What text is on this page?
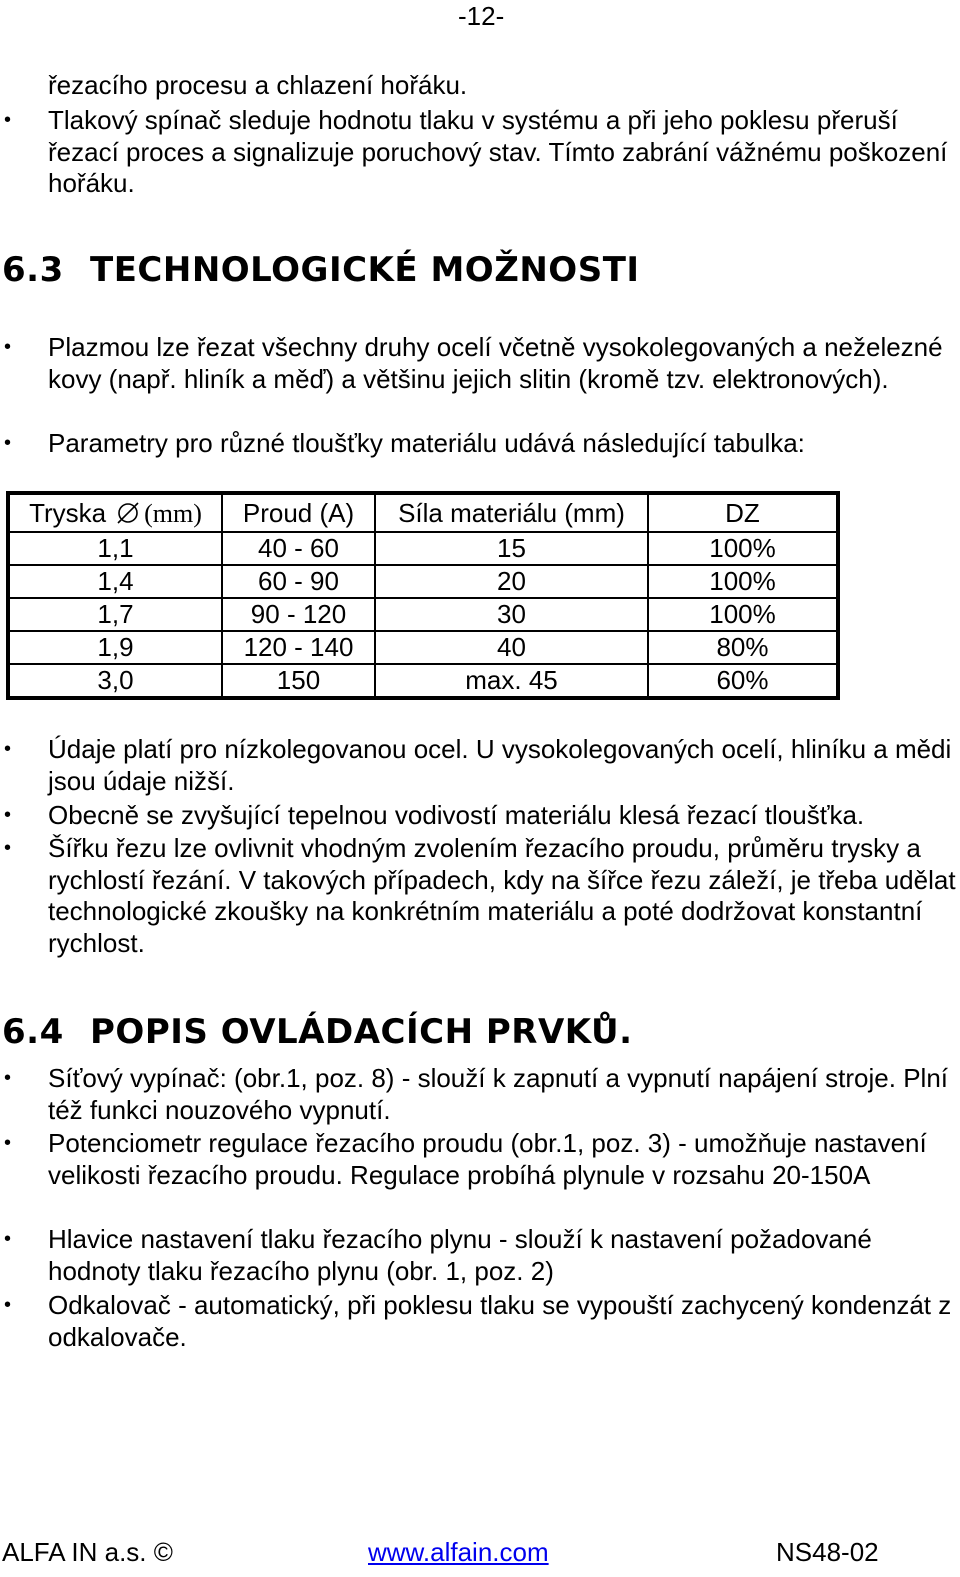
-12-
řezacího procesu a chlazení hořáku.
• Tlakový spínač sleduje hodnotu tlaku v systému a při jeho poklesu přeruší řezací proces a signalizuje poruchový stav. Tímto zabrání vážnému poškození hořáku.
6.3 TECHNOLOGICKÉ MOŽNOSTI
• Plazmou lze řezat všechny druhy ocelí včetně vysokolegovaných a neželezné kovy (např. hliník a měď) a většinu jejich slitin (kromě tzv. elektronových).
• Parametry pro různé tloušťky materiálu udává následující tabulka:
Tryska (mm)	Proud (A)	Síla materiálu (mm)	DZ
1,1	40 - 60	15	100%
1,4	60 - 90	20	100%
1,7	90 - 120	30	100%
1,9	120 - 140	40	80%
3,0	150	max. 45	60%
• Údaje platí pro nízkolegovanou ocel. U vysokolegovaných ocelí, hliníku a mědi jsou údaje nižší.
• Obecně se zvyšující tepelnou vodivostí materiálu klesá řezací tloušťka.
• Šířku řezu lze ovlivnit vhodným zvolením řezacího proudu, průměru trysky a rychlostí řezání. V takových případech, kdy na šířce řezu záleží, je třeba udělat technologické zkoušky na konkrétním materiálu a poté dodržovat konstantní rychlost.
6.4 POPIS OVLÁDACÍCH PRVKŮ.
• Síťový vypínač: (obr.1, poz. 8) - slouží k zapnutí a vypnutí napájení stroje. Plní též funkci nouzového vypnutí.
• Potenciometr regulace řezacího proudu (obr.1, poz. 3) - umožňuje nastavení velikosti řezacího proudu. Regulace probíhá plynule v rozsahu 20-150A
• Hlavice nastavení tlaku řezacího plynu - slouží k nastavení požadované hodnoty tlaku řezacího plynu (obr. 1, poz. 2)
• Odkalovač - automatický, při poklesu tlaku se vypouští zachycený kondenzát z odkalovače.
ALFA IN a.s. ©	www.alfain.com	NS48-02
